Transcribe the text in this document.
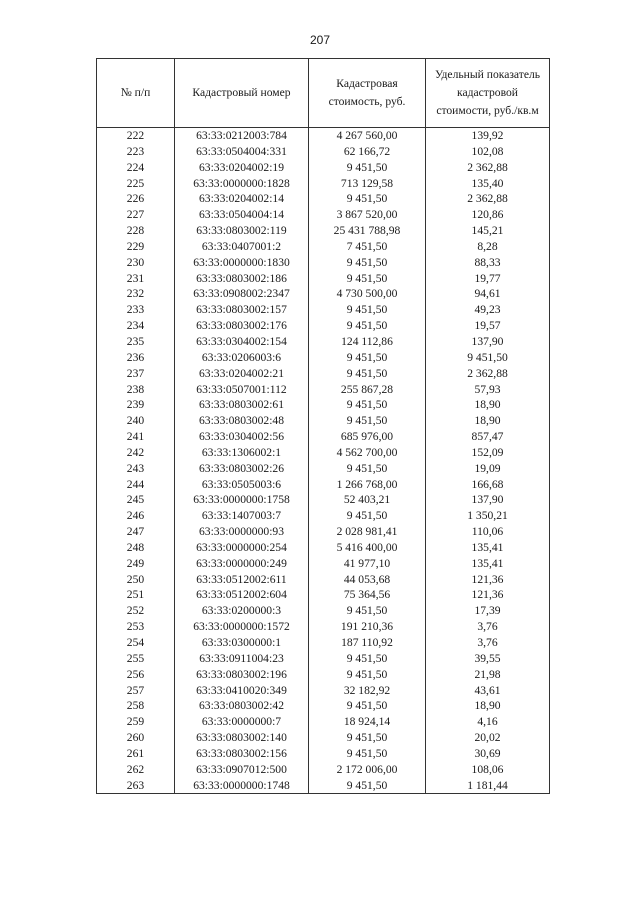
207
№ п/п	Кадастровый номер	Кадастровая стоимость, руб.	Удельный показатель кадастровой стоимости, руб./кв.м
222	63:33:0212003:784	4 267 560,00	139,92
223	63:33:0504004:331	62 166,72	102,08
224	63:33:0204002:19	9 451,50	2 362,88
225	63:33:0000000:1828	713 129,58	135,40
226	63:33:0204002:14	9 451,50	2 362,88
227	63:33:0504004:14	3 867 520,00	120,86
228	63:33:0803002:119	25 431 788,98	145,21
229	63:33:0407001:2	7 451,50	8,28
230	63:33:0000000:1830	9 451,50	88,33
231	63:33:0803002:186	9 451,50	19,77
232	63:33:0908002:2347	4 730 500,00	94,61
233	63:33:0803002:157	9 451,50	49,23
234	63:33:0803002:176	9 451,50	19,57
235	63:33:0304002:154	124 112,86	137,90
236	63:33:0206003:6	9 451,50	9 451,50
237	63:33:0204002:21	9 451,50	2 362,88
238	63:33:0507001:112	255 867,28	57,93
239	63:33:0803002:61	9 451,50	18,90
240	63:33:0803002:48	9 451,50	18,90
241	63:33:0304002:56	685 976,00	857,47
242	63:33:1306002:1	4 562 700,00	152,09
243	63:33:0803002:26	9 451,50	19,09
244	63:33:0505003:6	1 266 768,00	166,68
245	63:33:0000000:1758	52 403,21	137,90
246	63:33:1407003:7	9 451,50	1 350,21
247	63:33:0000000:93	2 028 981,41	110,06
248	63:33:0000000:254	5 416 400,00	135,41
249	63:33:0000000:249	41 977,10	135,41
250	63:33:0512002:611	44 053,68	121,36
251	63:33:0512002:604	75 364,56	121,36
252	63:33:0200000:3	9 451,50	17,39
253	63:33:0000000:1572	191 210,36	3,76
254	63:33:0300000:1	187 110,92	3,76
255	63:33:0911004:23	9 451,50	39,55
256	63:33:0803002:196	9 451,50	21,98
257	63:33:0410020:349	32 182,92	43,61
258	63:33:0803002:42	9 451,50	18,90
259	63:33:0000000:7	18 924,14	4,16
260	63:33:0803002:140	9 451,50	20,02
261	63:33:0803002:156	9 451,50	30,69
262	63:33:0907012:500	2 172 006,00	108,06
263	63:33:0000000:1748	9 451,50	1 181,44
